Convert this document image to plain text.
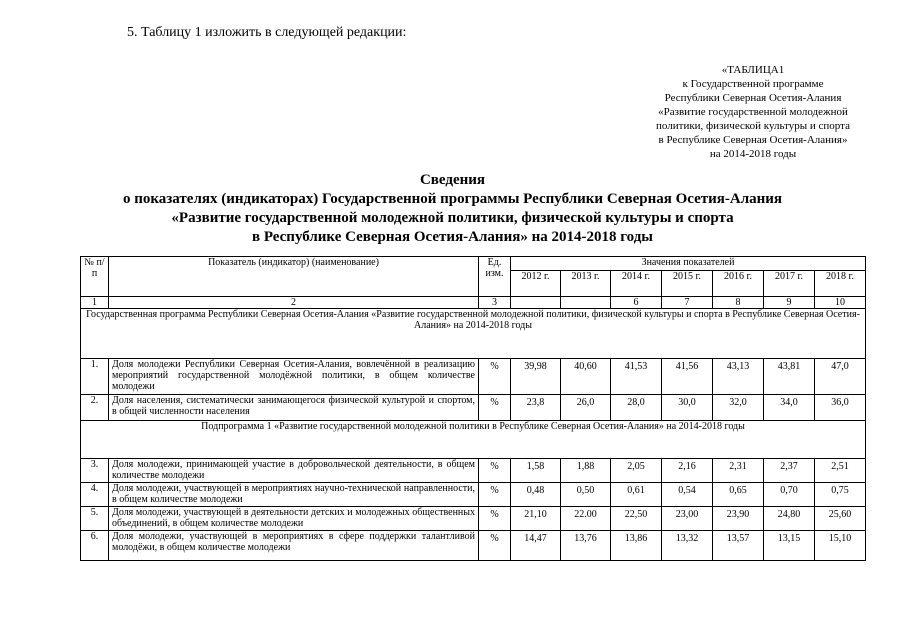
5. Таблицу 1 изложить в следующей редакции:
«ТАБЛИЦА1
к Государственной программе
Республики Северная Осетия-Алания
«Развитие государственной молодежной
политики, физической культуры и спорта
в Республике Северная Осетия-Алания»
на 2014-2018 годы
Сведения
о показателях (индикаторах) Государственной программы Республики Северная Осетия-Алания
«Развитие государственной молодежной политики, физической культуры и спорта
в Республике Северная Осетия-Алания» на 2014-2018 годы
№ п/п	Показатель (индикатор) (наименование)	Ед. изм.	Значения показателей						
			2012 г.	2013 г.	2014 г.	2015 г.	2016 г.	2017 г.	2018 г.
1	2	3			6	7	8	9	10
Государственная программа Республики Северная Осетия-Алания «Развитие государственной молодежной политики, физической культуры и спорта в Республике Северная Осетия-Алания» на 2014-2018 годы									
1.	Доля молодежи Республики Северная Осетия-Алания, вовлечённой в реализацию мероприятий государственной молодёжной политики, в общем количестве молодежи	%	39,98	40,60	41,53	41,56	43,13	43,81	47,0
2.	Доля населения, систематически занимающегося физической культурой и спортом, в общей численности населения	%	23,8	26,0	28,0	30,0	32,0	34,0	36,0
Подпрограмма 1 «Развитие государственной молодежной политики в Республике Северная Осетия-Алания» на 2014-2018 годы									
3.	Доля молодежи, принимающей участие в добровольческой деятельности, в общем количестве молодежи	%	1,58	1,88	2,05	2,16	2,31	2,37	2,51
4.	Доля молодежи, участвующей в мероприятиях научно-технической направленности, в общем количестве молодежи	%	0,48	0,50	0,61	0,54	0,65	0,70	0,75
5.	Доля молодежи, участвующей в деятельности детских и молодежных общественных объединений, в общем количестве молодежи	%	21,10	22.00	22,50	23,00	23,90	24,80	25,60
6.	Доля молодежи, участвующей в мероприятиях в сфере поддержки талантливой молодёжи, в общем количестве молодежи	%	14,47	13,76	13,86	13,32	13,57	13,15	15,10
